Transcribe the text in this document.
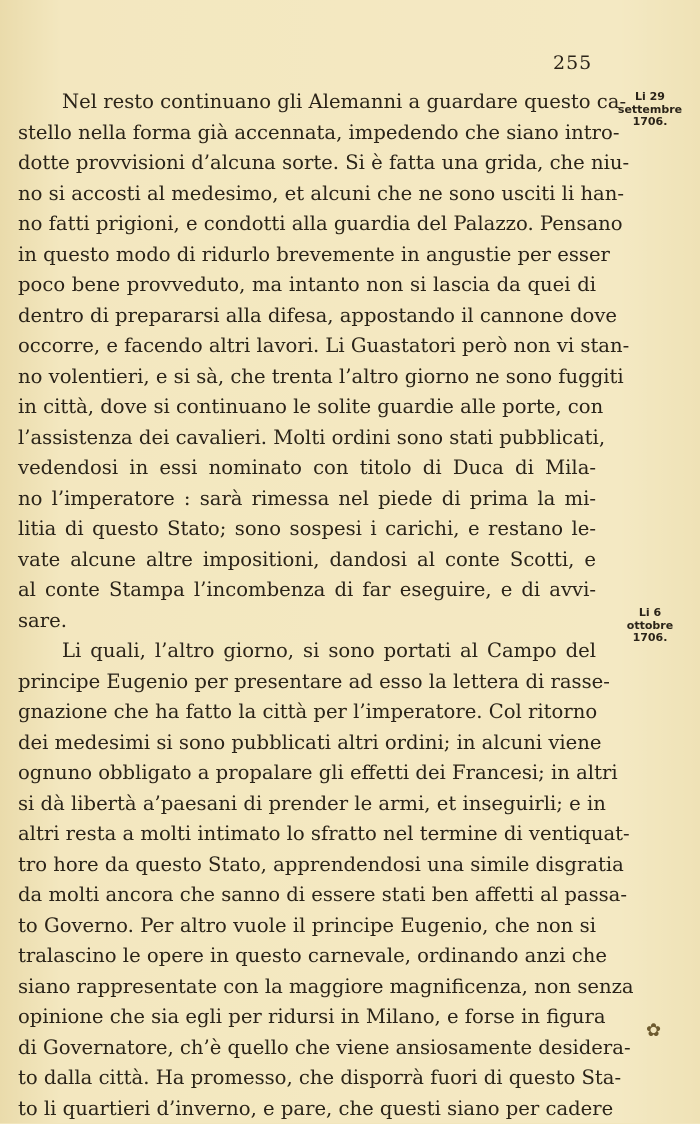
255
Li 29
settembre
1706.
Li 6
ottobre
1706.
Nel resto continuano gli Alemanni a guardare questo ca-
stello nella forma già accennata, impedendo che siano intro-
dotte provvisioni d’alcuna sorte. Si è fatta una grida, che niu-
no si accosti al medesimo, et alcuni che ne sono usciti li han-
no fatti prigioni, e condotti alla guardia del Palazzo. Pensano
in questo modo di ridurlo brevemente in angustie per esser
poco bene provveduto, ma intanto non si lascia da quei di
dentro di prepararsi alla difesa, appostando il cannone dove
occorre, e facendo altri lavori. Li Guastatori però non vi stan-
no volentieri, e si sà, che trenta l’altro giorno ne sono fuggiti
in città, dove si continuano le solite guardie alle porte, con
l’assistenza dei cavalieri. Molti ordini sono stati pubblicati,
vedendosi in essi nominato con titolo di Duca di Mila-
no l’imperatore : sarà rimessa nel piede di prima la mi-
litia di questo Stato; sono sospesi i carichi, e restano le-
vate alcune altre impositioni, dandosi al conte Scotti, e
al conte Stampa l’incombenza di far eseguire, e di avvi-
sare.
Li quali, l’altro giorno, si sono portati al Campo del
principe Eugenio per presentare ad esso la lettera di rasse-
gnazione che ha fatto la città per l’imperatore. Col ritorno
dei medesimi si sono pubblicati altri ordini; in alcuni viene
ognuno obbligato a propalare gli effetti dei Francesi; in altri
si dà libertà a’paesani di prender le armi, et inseguirli; e in
altri resta a molti intimato lo sfratto nel termine di ventiquat-
tro hore da questo Stato, apprendendosi una simile disgratia
da molti ancora che sanno di essere stati ben affetti al passa-
to Governo. Per altro vuole il principe Eugenio, che non si
tralascino le opere in questo carnevale, ordinando anzi che
siano rappresentate con la maggiore magnificenza, non senza
opinione che sia egli per ridursi in Milano, e forse in figura
di Governatore, ch’è quello che viene ansiosamente desidera-
to dalla città. Ha promesso, che disporrà fuori di questo Sta-
to li quartieri d’inverno, e pare, che questi siano per cadere
✿
